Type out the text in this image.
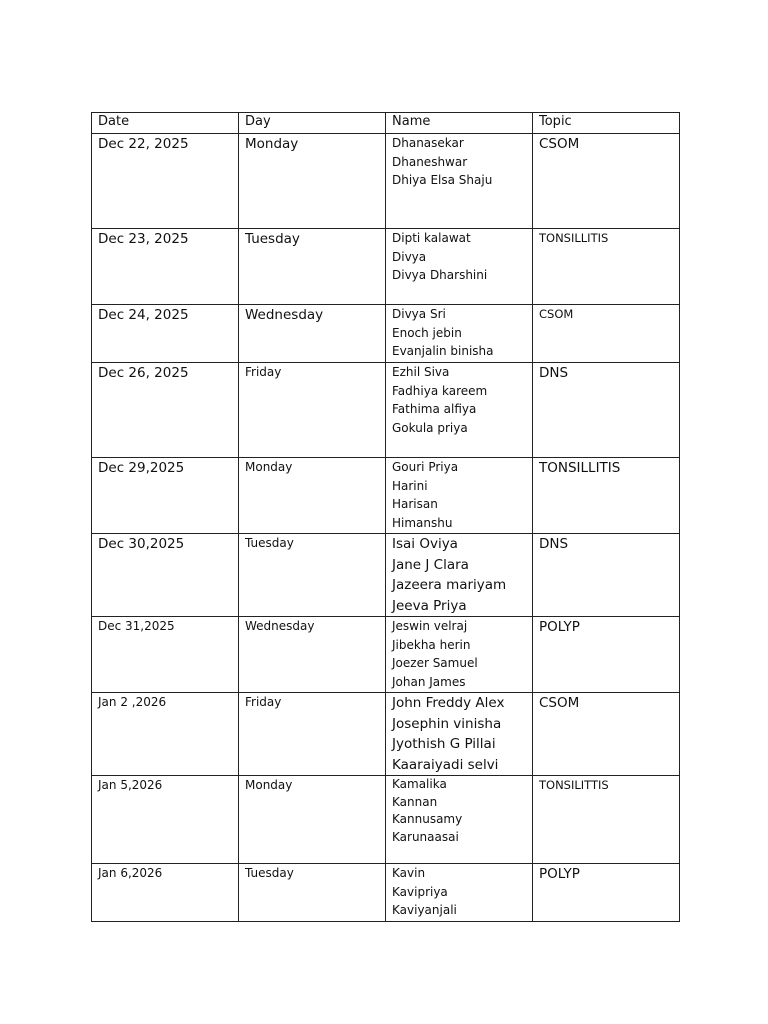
Date	Day	Name	Topic
Dec 22, 2025	Monday	Dhanasekar
Dhaneshwar
Dhiya Elsa Shaju	CSOM
Dec 23, 2025	Tuesday	Dipti kalawat
Divya
Divya Dharshini	TONSILLITIS
Dec 24, 2025	Wednesday	Divya Sri
Enoch jebin
Evanjalin binisha	CSOM
Dec 26, 2025	Friday	Ezhil Siva
Fadhiya kareem
Fathima alfiya
Gokula priya	DNS
Dec 29,2025	Monday	Gouri Priya
Harini
Harisan
Himanshu	TONSILLITIS
Dec 30,2025	Tuesday	Isai Oviya
Jane J Clara
Jazeera mariyam
Jeeva Priya	DNS
Dec 31,2025	Wednesday	Jeswin velraj
Jibekha herin
Joezer Samuel
Johan James	POLYP
Jan 2 ,2026	Friday	John Freddy Alex
Josephin vinisha
Jyothish G Pillai
Kaaraiyadi selvi	CSOM
Jan 5,2026	Monday	Kamalika
Kannan
Kannusamy
Karunaasai	TONSILITTIS
Jan 6,2026	Tuesday	Kavin
Kavipriya
Kaviyanjali	POLYP
